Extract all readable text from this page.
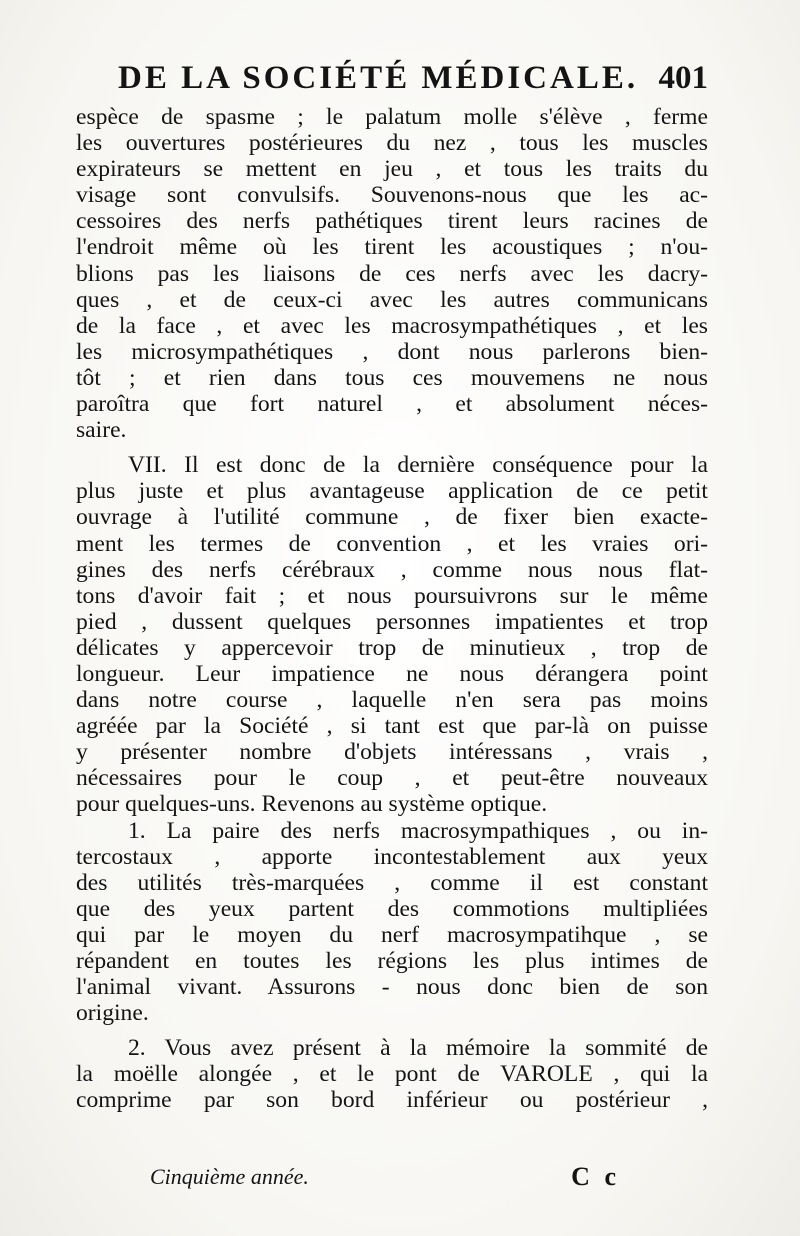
DE LA SOCIÉTÉ MÉDICALE. 401
espèce de spasme ; le palatum molle s'élève , ferme
les ouvertures postérieures du nez , tous les muscles
expirateurs se mettent en jeu , et tous les traits du
visage sont convulsifs. Souvenons-nous que les ac-
cessoires des nerfs pathétiques tirent leurs racines de
l'endroit même où les tirent les acoustiques ; n'ou-
blions pas les liaisons de ces nerfs avec les dacry-
ques , et de ceux-ci avec les autres communicans
de la face , et avec les macrosympathétiques , et les
les microsympathétiques , dont nous parlerons bien-
tôt ; et rien dans tous ces mouvemens ne nous
paroîtra que fort naturel , et absolument néces-
saire.
VII. Il est donc de la dernière conséquence pour la
plus juste et plus avantageuse application de ce petit
ouvrage à l'utilité commune , de fixer bien exacte-
ment les termes de convention , et les vraies ori-
gines des nerfs cérébraux , comme nous nous flat-
tons d'avoir fait ; et nous poursuivrons sur le même
pied , dussent quelques personnes impatientes et trop
délicates y appercevoir trop de minutieux , trop de
longueur. Leur impatience ne nous dérangera point
dans notre course , laquelle n'en sera pas moins
agréée par la Société , si tant est que par-là on puisse
y présenter nombre d'objets intéressans , vrais ,
nécessaires pour le coup , et peut-être nouveaux
pour quelques-uns. Revenons au système optique.
1. La paire des nerfs macrosympathiques , ou in-
tercostaux , apporte incontestablement aux yeux
des utilités très-marquées , comme il est constant
que des yeux partent des commotions multipliées
qui par le moyen du nerf macrosympatihque , se
répandent en toutes les régions les plus intimes de
l'animal vivant. Assurons - nous donc bien de son
origine.
2. Vous avez présent à la mémoire la sommité de
la moëlle alongée , et le pont de VAROLE , qui la
comprime par son bord inférieur ou postérieur ,
Cinquième année.	C c
